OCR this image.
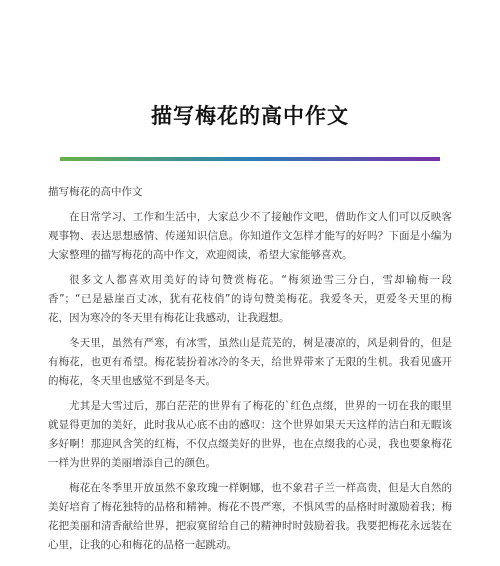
描写梅花的高中作文

描写梅花的高中作文

在日常学习、工作和生活中，大家总少不了接触作文吧，借助作文人们可以反映客观事物、表达思想感情、传递知识信息。你知道作文怎样才能写的好吗？下面是小编为大家整理的描写梅花的高中作文，欢迎阅读，希望大家能够喜欢。

很多文人都喜欢用美好的诗句赞赏梅花。“梅须逊雪三分白，雪却输梅一段香”；“已是悬崖百丈冰，犹有花枝俏”的诗句赞美梅花。我爱冬天，更爱冬天里的梅花，因为寒冷的冬天里有梅花让我感动，让我遐想。

冬天里，虽然有严寒，有冰雪，虽然山是荒芜的，树是凄凉的，风是刺骨的，但是有梅花，也更有希望。梅花装扮着冰冷的冬天，给世界带来了无限的生机。我看见盛开的梅花，冬天里也感觉不到是冬天。

尤其是大雪过后，那白茫茫的世界有了梅花的`红色点缀，世界的一切在我的眼里就显得更加的美好，此时我从心底不由的感叹：这个世界如果天天这样的洁白和无暇该多好啊！那迎风含笑的红梅，不仅点缀美好的世界，也在点缀我的心灵，我也要象梅花一样为世界的美丽增添自己的颜色。

梅花在冬季里开放虽然不象玫瑰一样婀娜，也不象君子兰一样高贵，但是大自然的美好培育了梅花独特的品格和精神。梅花不畏严寒，不惧风雪的品格时时激励着我；梅花把美丽和清香献给世界，把寂寞留给自己的精神时时鼓励着我。我要把梅花永远装在心里，让我的心和梅花的品格一起跳动。
